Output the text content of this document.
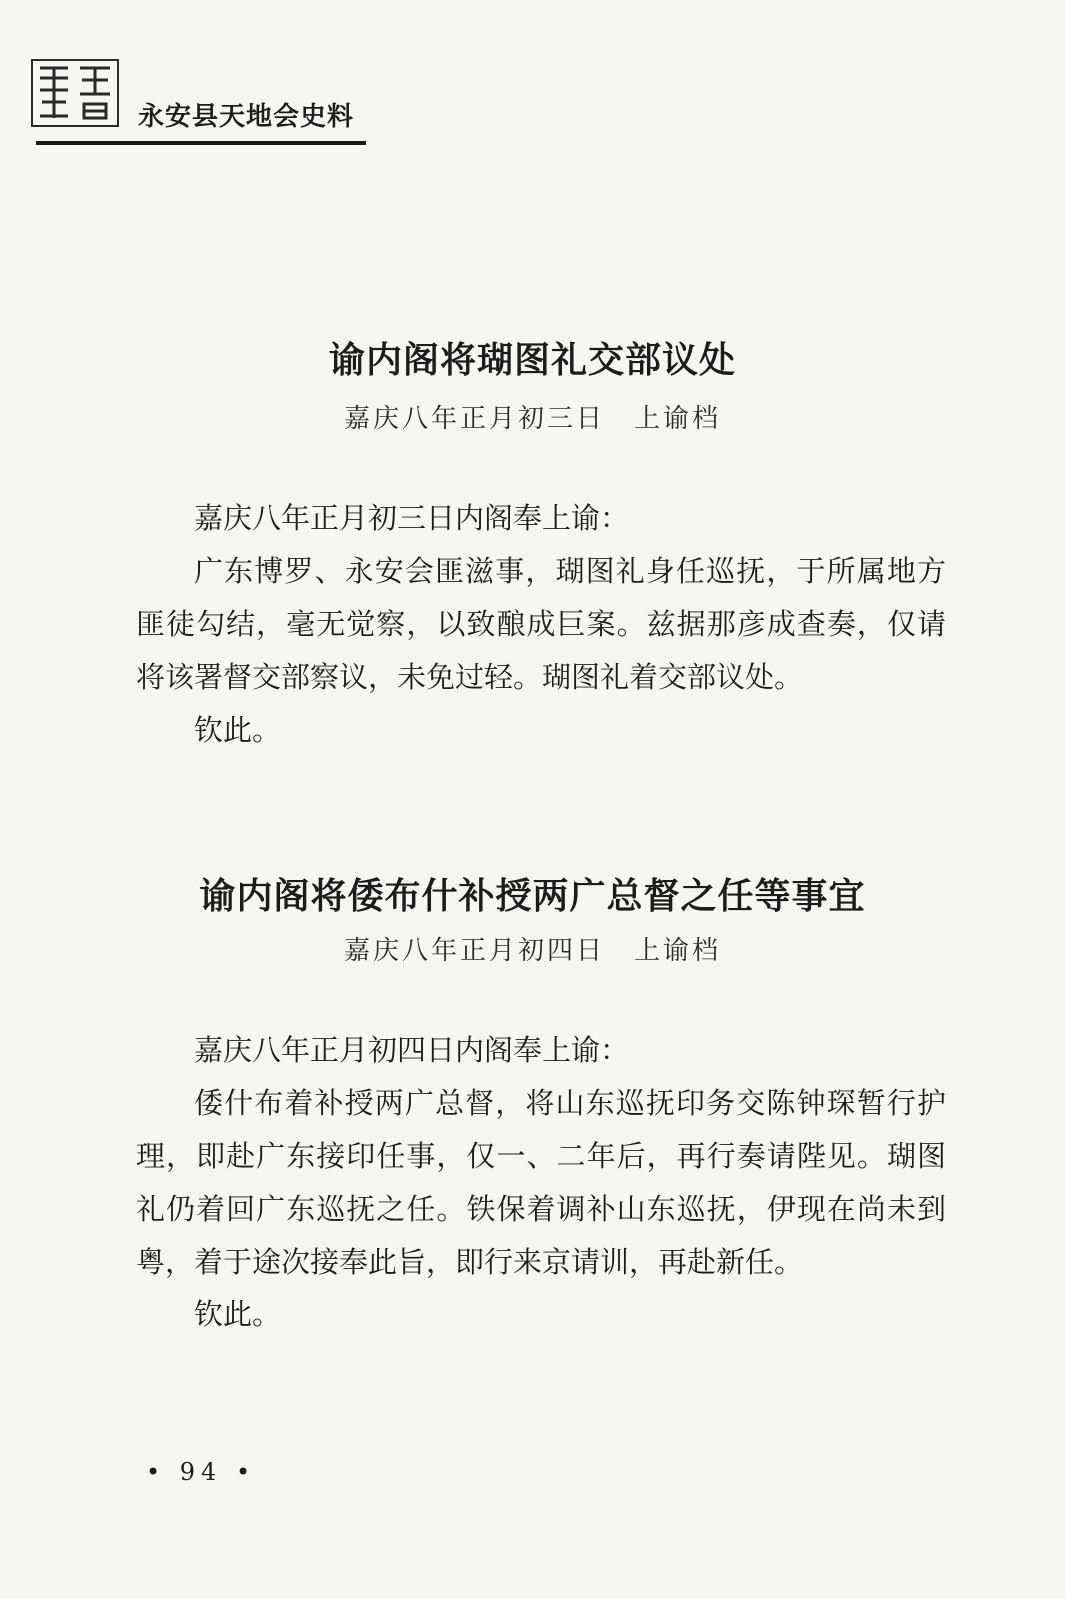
永安县天地会史料
谕内阁将瑚图礼交部议处
嘉庆八年正月初三日　上谕档

嘉庆八年正月初三日内阁奉上谕：

广东博罗、永安会匪滋事，瑚图礼身任巡抚，于所属地方匪徒勾结，毫无觉察，以致酿成巨案。兹据那彦成查奏，仅请将该署督交部察议，未免过轻。瑚图礼着交部议处。

钦此。
谕内阁将倭布什补授两广总督之任等事宜
嘉庆八年正月初四日　上谕档

嘉庆八年正月初四日内阁奉上谕：

倭什布着补授两广总督，将山东巡抚印务交陈钟琛暂行护理，即赴广东接印任事，仅一、二年后，再行奏请陛见。瑚图礼仍着回广东巡抚之任。铁保着调补山东巡抚，伊现在尚未到粤，着于途次接奉此旨，即行来京请训，再赴新任。

钦此。
• 94 •
